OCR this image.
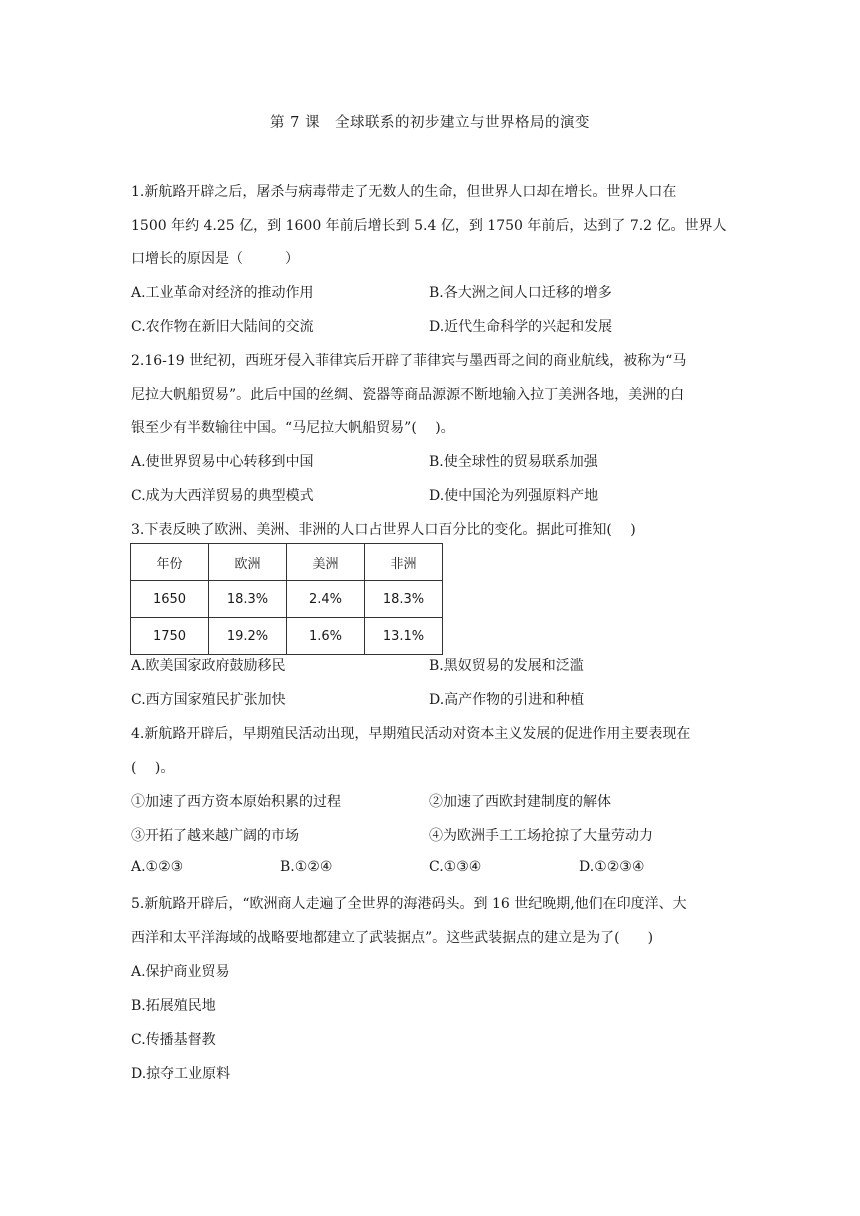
第 7 课　全球联系的初步建立与世界格局的演变
1.新航路开辟之后，屠杀与病毒带走了无数人的生命，但世界人口却在增长。世界人口在
1500 年约 4.25 亿，到 1600 年前后增长到 5.4 亿，到 1750 年前后，达到了 7.2 亿。世界人
口增长的原因是（　　　）
A.工业革命对经济的推动作用	B.各大洲之间人口迁移的增多
C.农作物在新旧大陆间的交流	D.近代生命科学的兴起和发展
2.16-19 世纪初，西班牙侵入菲律宾后开辟了菲律宾与墨西哥之间的商业航线，被称为“马
尼拉大帆船贸易”。此后中国的丝绸、瓷器等商品源源不断地输入拉丁美洲各地，美洲的白
银至少有半数输往中国。“马尼拉大帆船贸易”(　 )。
A.使世界贸易中心转移到中国	B.使全球性的贸易联系加强
C.成为大西洋贸易的典型模式	D.使中国沦为列强原料产地
3.下表反映了欧洲、美洲、非洲的人口占世界人口百分比的变化。据此可推知(　 )
年份	欧洲	美洲	非洲
1650	18.3%	2.4%	18.3%
1750	19.2%	1.6%	13.1%
A.欧美国家政府鼓励移民	B.黑奴贸易的发展和泛滥
C.西方国家殖民扩张加快	D.高产作物的引进和种植
4.新航路开辟后，早期殖民活动出现，早期殖民活动对资本主义发展的促进作用主要表现在
(　 )。
①加速了西方资本原始积累的过程	②加速了西欧封建制度的解体
③开拓了越来越广阔的市场	④为欧洲手工工场抢掠了大量劳动力
A.①②③	B.①②④	C.①③④	D.①②③④
5.新航路开辟后，“欧洲商人走遍了全世界的海港码头。到 16 世纪晚期,他们在印度洋、大
西洋和太平洋海域的战略要地都建立了武装据点”。这些武装据点的建立是为了(　　)
A.保护商业贸易
B.拓展殖民地
C.传播基督教
D.掠夺工业原料
